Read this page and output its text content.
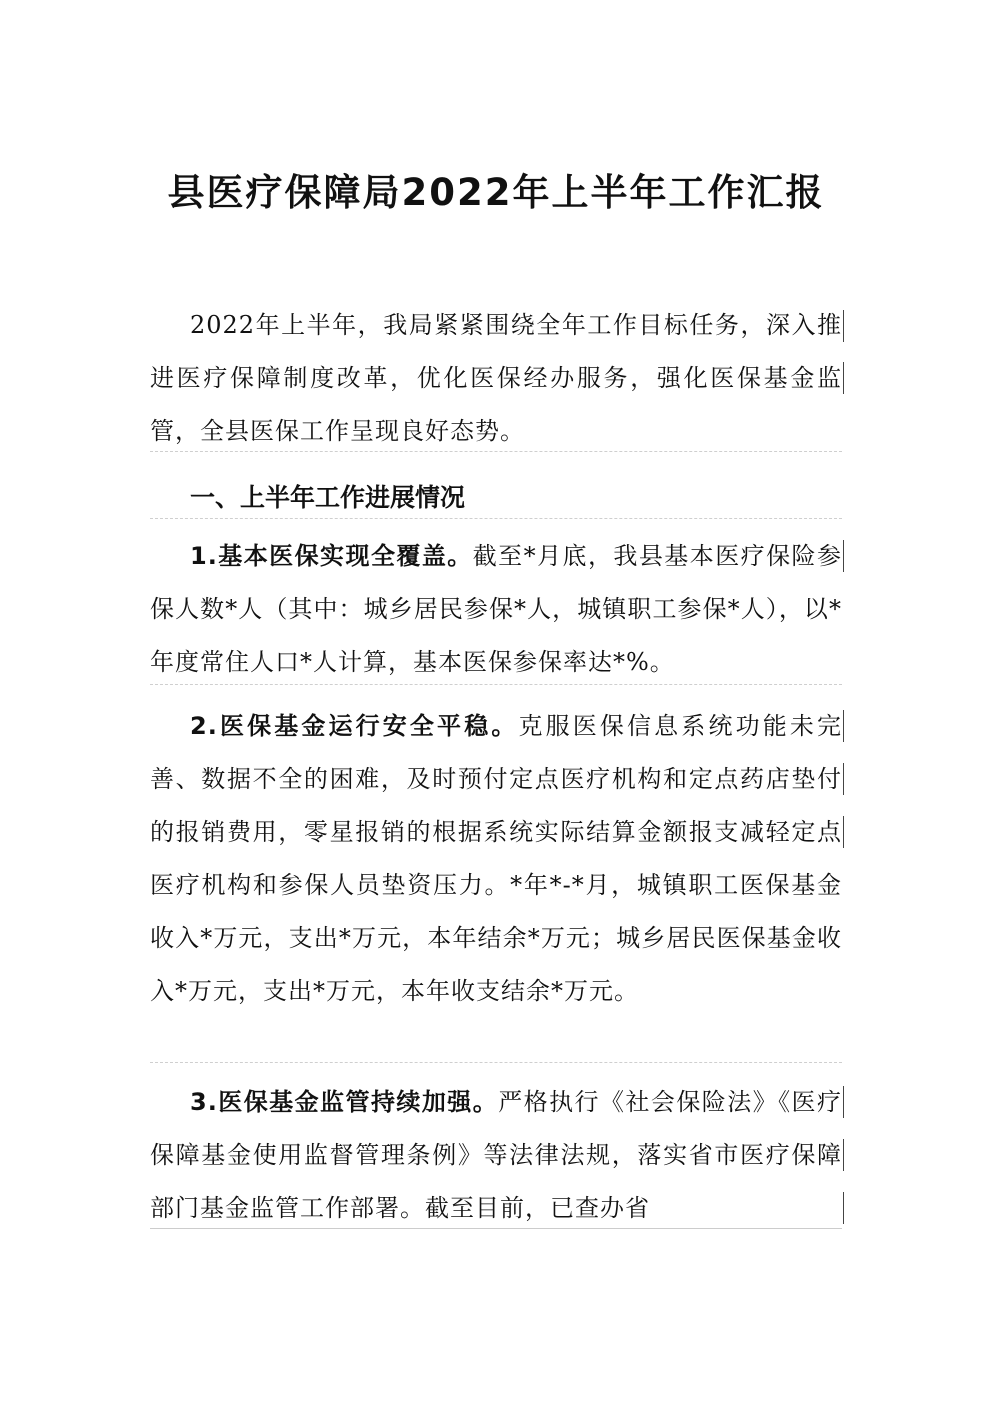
县医疗保障局2022年上半年工作汇报
2022年上半年，我局紧紧围绕全年工作目标任务，深入推进医疗保障制度改革，优化医保经办服务，强化医保基金监管，全县医保工作呈现良好态势。
一、上半年工作进展情况
1.基本医保实现全覆盖。截至*月底，我县基本医疗保险参保人数*人（其中：城乡居民参保*人，城镇职工参保*人），以*年度常住人口*人计算，基本医保参保率达*%。
2.医保基金运行安全平稳。克服医保信息系统功能未完善、数据不全的困难，及时预付定点医疗机构和定点药店垫付的报销费用，零星报销的根据系统实际结算金额报支减轻定点医疗机构和参保人员垫资压力。*年*-*月，城镇职工医保基金收入*万元，支出*万元，本年结余*万元；城乡居民医保基金收入*万元，支出*万元，本年收支结余*万元。
3.医保基金监管持续加强。严格执行《社会保险法》《医疗保障基金使用监督管理条例》等法律法规，落实省市医疗保障部门基金监管工作部署。截至目前，已查办省
